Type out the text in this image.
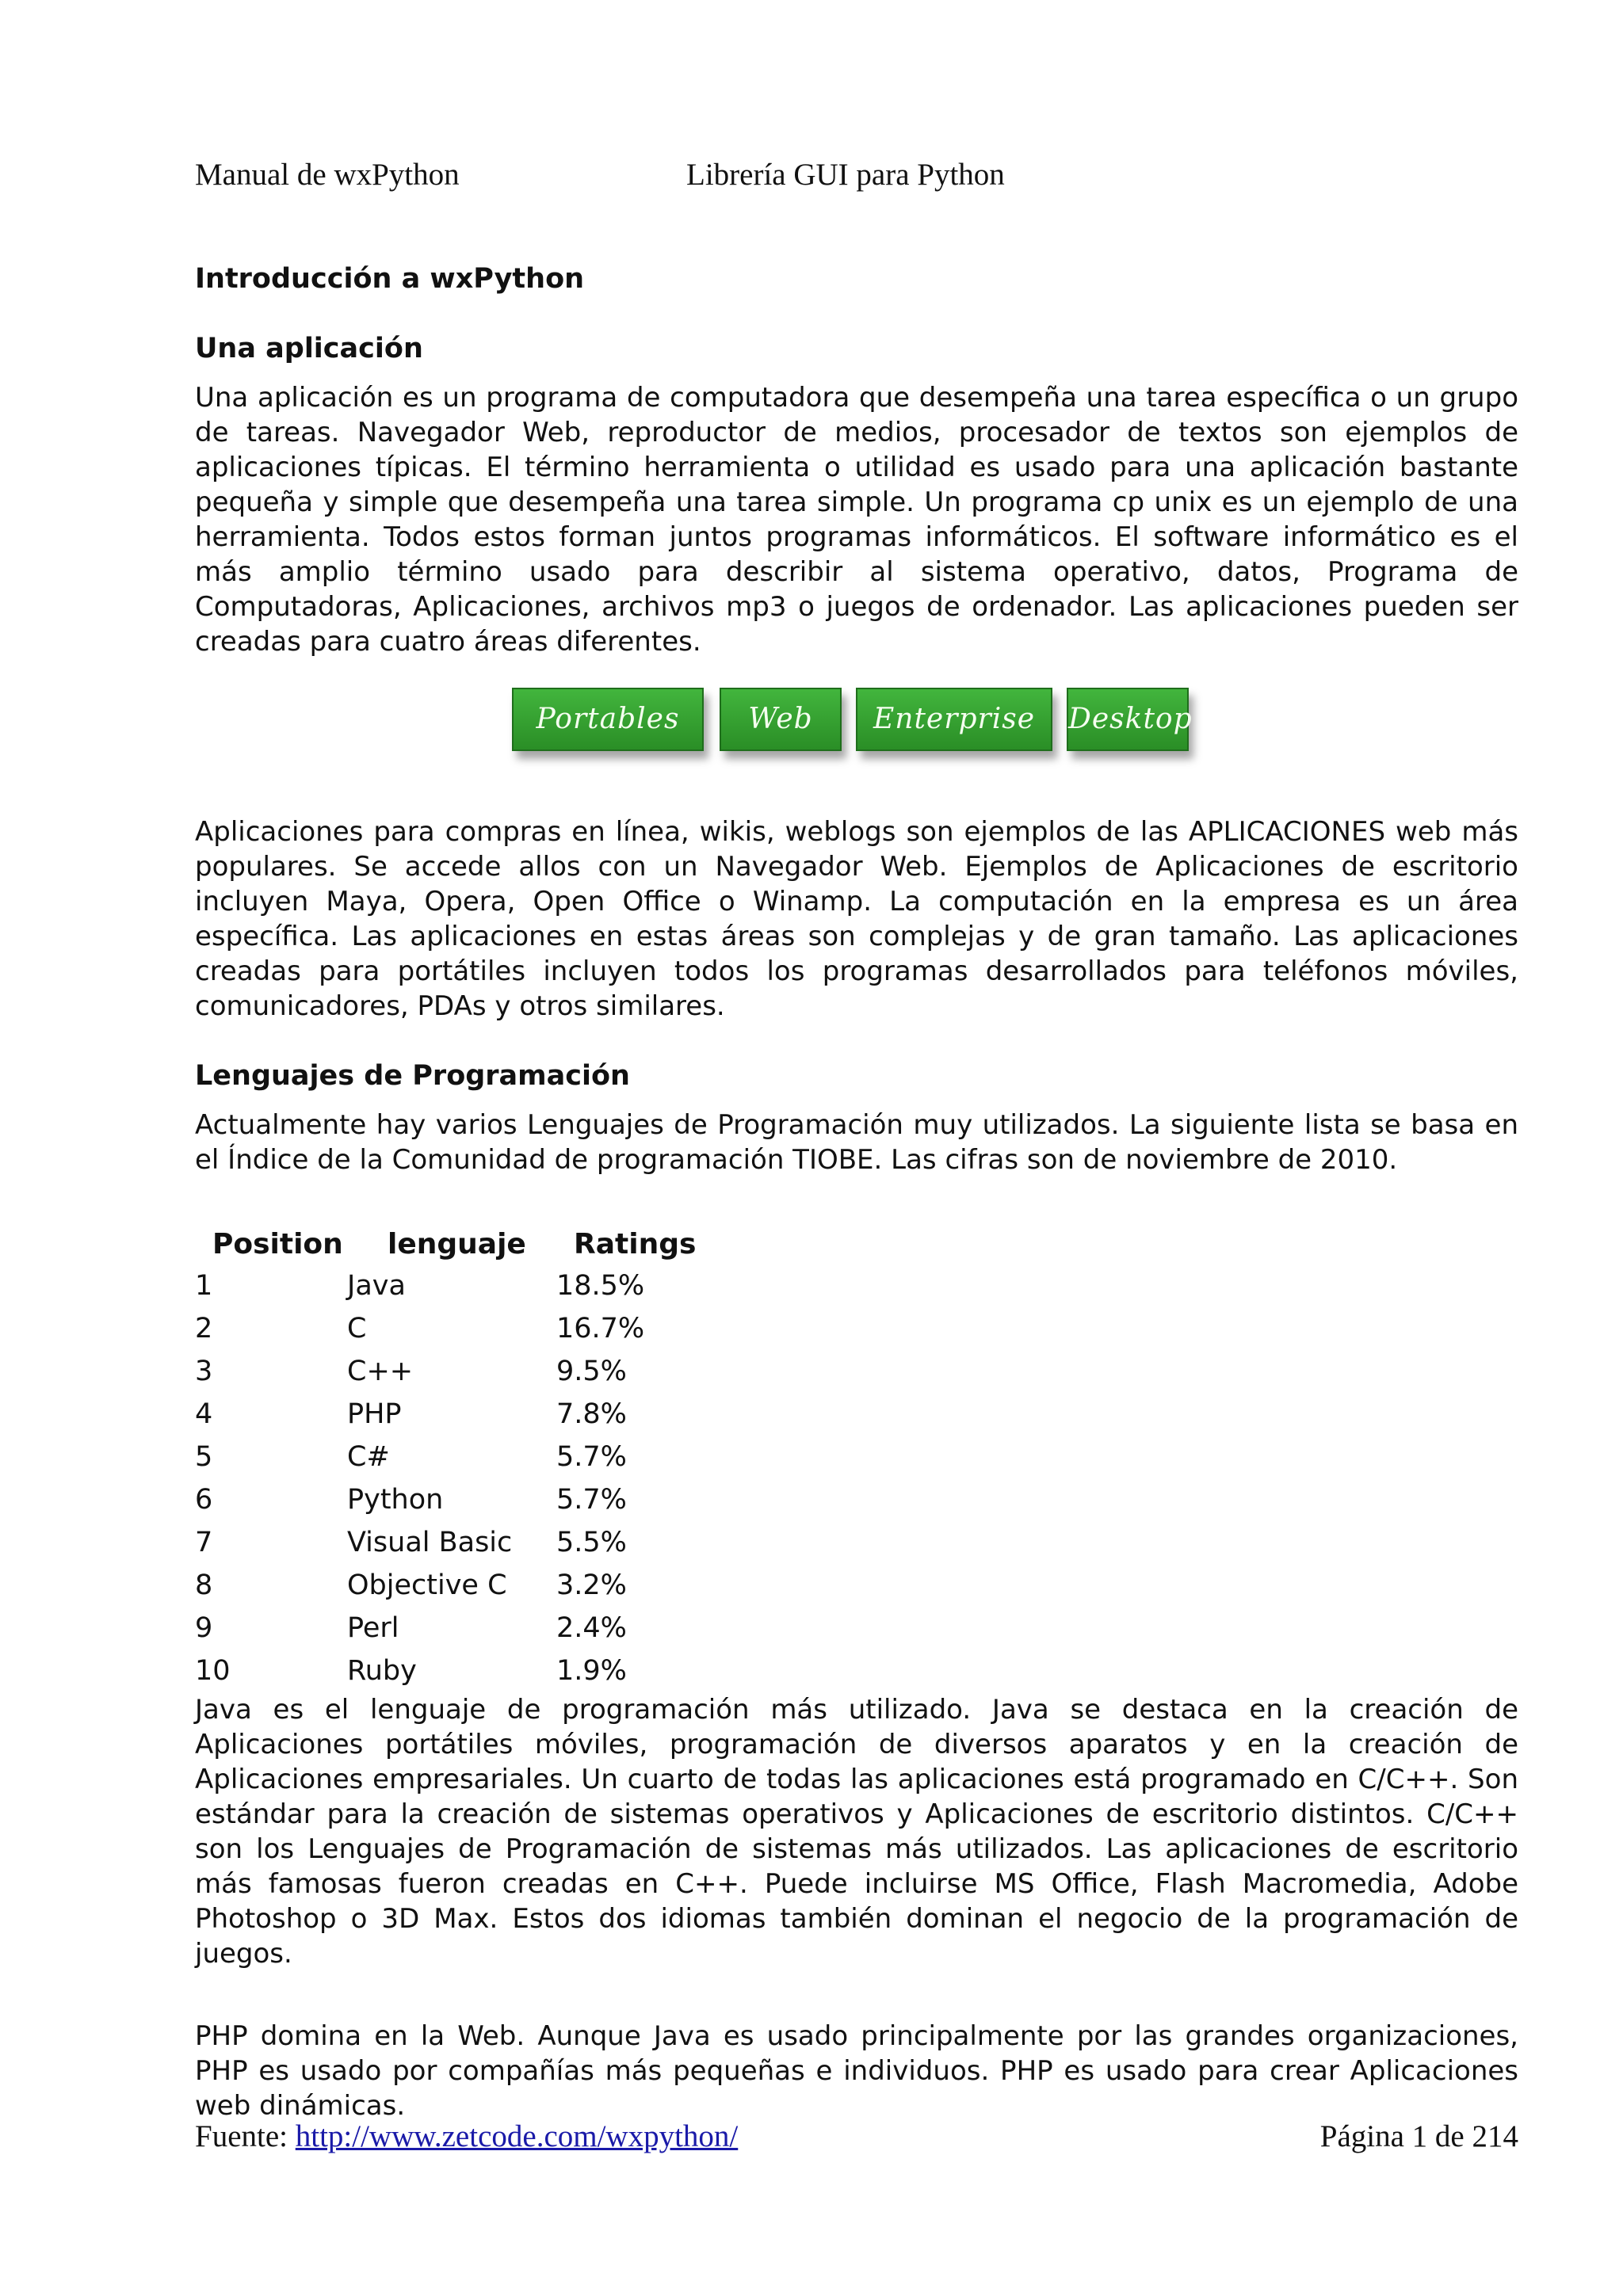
Manual de wxPython	Librería GUI para Python
Introducción a wxPython
Una aplicación

Una aplicación es un programa de computadora que desempeña una tarea específica o un grupo de tareas. Navegador Web, reproductor de medios, procesador de textos son ejemplos de aplicaciones típicas. El término herramienta o utilidad es usado para una aplicación bastante pequeña y simple que desempeña una tarea simple. Un programa cp unix es un ejemplo de una herramienta. Todos estos forman juntos programas informáticos. El software informático es el más amplio término usado para describir al sistema operativo, datos, Programa de Computadoras, Aplicaciones, archivos mp3 o juegos de ordenador. Las aplicaciones pueden ser creadas para cuatro áreas diferentes.

Portables	Web	Enterprise	Desktop

Aplicaciones para compras en línea, wikis, weblogs son ejemplos de las APLICACIONES web más populares. Se accede allos con un Navegador Web. Ejemplos de Aplicaciones de escritorio incluyen Maya, Opera, Open Office o Winamp. La computación en la empresa es un área específica. Las aplicaciones en estas áreas son complejas y de gran tamaño. Las aplicaciones creadas para portátiles incluyen todos los programas desarrollados para teléfonos móviles, comunicadores, PDAs y otros similares.

Lenguajes de Programación

Actualmente hay varios Lenguajes de Programación muy utilizados. La siguiente lista se basa en el Índice de la Comunidad de programación TIOBE. Las cifras son de noviembre de 2010.

Position lenguaje Ratings
1	Java	18.5%
2	C	16.7%
3	C++	9.5%
4	PHP	7.8%
5	C#	5.7%
6	Python	5.7%
7	Visual Basic 5.5%
8	Objective C 3.2%
9	Perl	2.4%
10	Ruby	1.9%

Java es el lenguaje de programación más utilizado. Java se destaca en la creación de Aplicaciones portátiles móviles, programación de diversos aparatos y en la creación de Aplicaciones empresariales. Un cuarto de todas las aplicaciones está programado en C/C++. Son estándar para la creación de sistemas operativos y Aplicaciones de escritorio distintos. C/C++ son los Lenguajes de Programación de sistemas más utilizados. Las aplicaciones de escritorio más famosas fueron creadas en C++. Puede incluirse MS Office, Flash Macromedia, Adobe Photoshop o 3D Max. Estos dos idiomas también dominan el negocio de la programación de juegos.

PHP domina en la Web. Aunque Java es usado principalmente por las grandes organizaciones, PHP es usado por compañías más pequeñas e individuos. PHP es usado para crear Aplicaciones web dinámicas.

Fuente: http://www.zetcode.com/wxpython/	Página 1 de 214
